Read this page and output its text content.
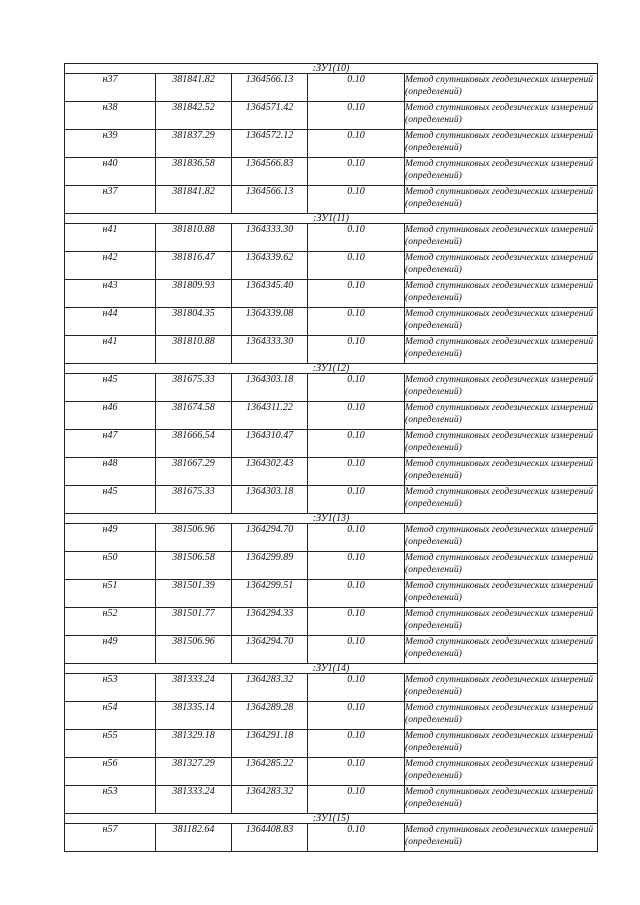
:ЗУ1(10)				
н37	381841.82	1364566.13	0.10	Метод спутниковых геодезических измерений (определений)
н38	381842.52	1364571.42	0.10	Метод спутниковых геодезических измерений (определений)
н39	381837.29	1364572.12	0.10	Метод спутниковых геодезических измерений (определений)
н40	381836.58	1364566.83	0.10	Метод спутниковых геодезических измерений (определений)
н37	381841.82	1364566.13	0.10	Метод спутниковых геодезических измерений (определений)
:ЗУ1(11)				
н41	381810.88	1364333.30	0.10	Метод спутниковых геодезических измерений (определений)
н42	381816.47	1364339.62	0.10	Метод спутниковых геодезических измерений (определений)
н43	381809.93	1364345.40	0.10	Метод спутниковых геодезических измерений (определений)
н44	381804.35	1364339.08	0.10	Метод спутниковых геодезических измерений (определений)
н41	381810.88	1364333.30	0.10	Метод спутниковых геодезических измерений (определений)
:ЗУ1(12)				
н45	381675.33	1364303.18	0.10	Метод спутниковых геодезических измерений (определений)
н46	381674.58	1364311.22	0.10	Метод спутниковых геодезических измерений (определений)
н47	381666.54	1364310.47	0.10	Метод спутниковых геодезических измерений (определений)
н48	381667.29	1364302.43	0.10	Метод спутниковых геодезических измерений (определений)
н45	381675.33	1364303.18	0.10	Метод спутниковых геодезических измерений (определений)
:ЗУ1(13)				
н49	381506.96	1364294.70	0.10	Метод спутниковых геодезических измерений (определений)
н50	381506.58	1364299.89	0.10	Метод спутниковых геодезических измерений (определений)
н51	381501.39	1364299.51	0.10	Метод спутниковых геодезических измерений (определений)
н52	381501.77	1364294.33	0.10	Метод спутниковых геодезических измерений (определений)
н49	381506.96	1364294.70	0.10	Метод спутниковых геодезических измерений (определений)
:ЗУ1(14)				
н53	381333.24	1364283.32	0.10	Метод спутниковых геодезических измерений (определений)
н54	381335.14	1364289.28	0.10	Метод спутниковых геодезических измерений (определений)
н55	381329.18	1364291.18	0.10	Метод спутниковых геодезических измерений (определений)
н56	381327.29	1364285.22	0.10	Метод спутниковых геодезических измерений (определений)
н53	381333.24	1364283.32	0.10	Метод спутниковых геодезических измерений (определений)
:ЗУ1(15)				
н57	381182.64	1364408.83	0.10	Метод спутниковых геодезических измерений (определений)
